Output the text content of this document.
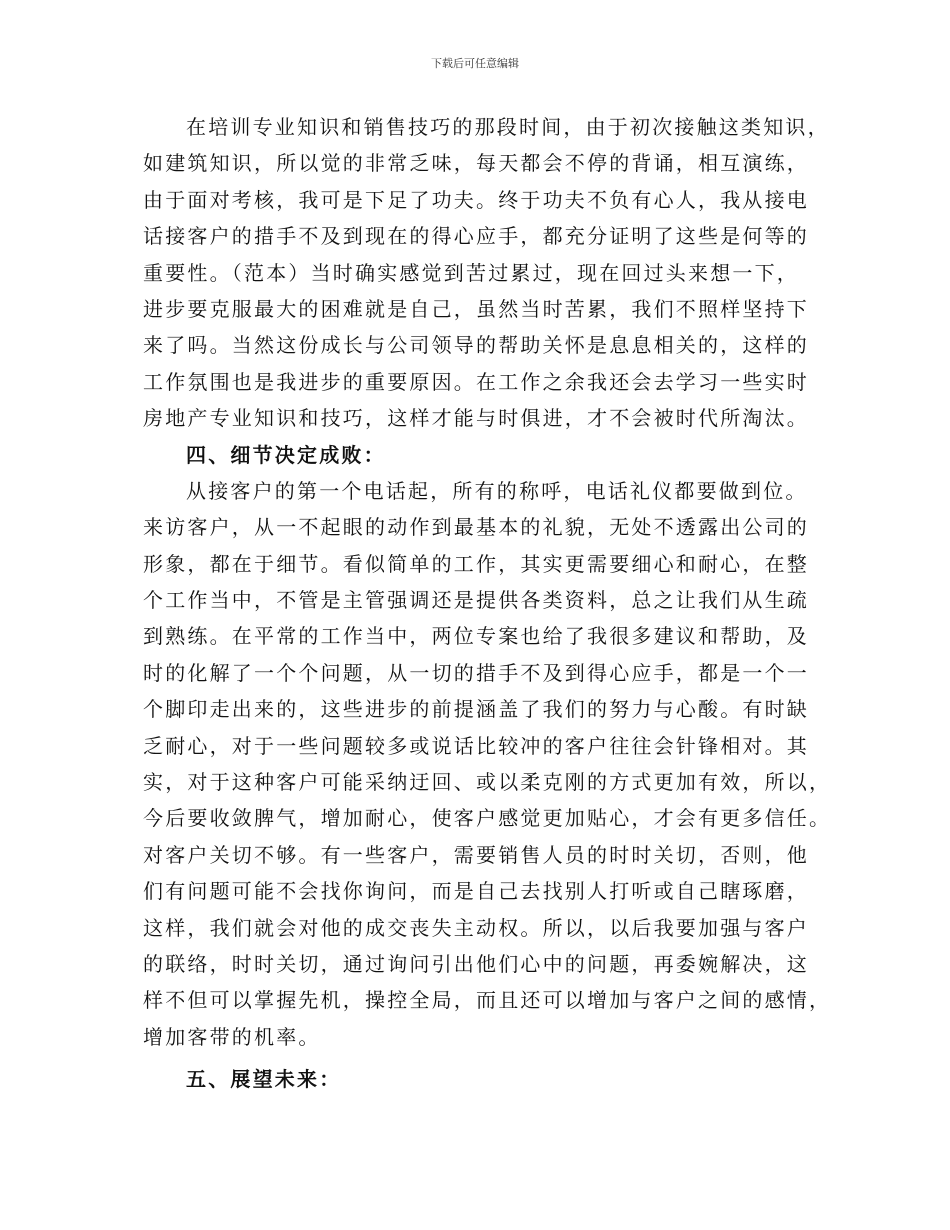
下载后可任意编辑
在培训专业知识和销售技巧的那段时间，由于初次接触这类知识，
如建筑知识，所以觉的非常乏味，每天都会不停的背诵，相互演练，
由于面对考核，我可是下足了功夫。终于功夫不负有心人，我从接电
话接客户的措手不及到现在的得心应手，都充分证明了这些是何等的
重要性。（范本）当时确实感觉到苦过累过，现在回过头来想一下，
进步要克服最大的困难就是自己，虽然当时苦累，我们不照样坚持下
来了吗。当然这份成长与公司领导的帮助关怀是息息相关的，这样的
工作氛围也是我进步的重要原因。在工作之余我还会去学习一些实时
房地产专业知识和技巧，这样才能与时俱进，才不会被时代所淘汰。
四、细节决定成败：
从接客户的第一个电话起，所有的称呼，电话礼仪都要做到位。
来访客户，从一不起眼的动作到最基本的礼貌，无处不透露出公司的
形象，都在于细节。看似简单的工作，其实更需要细心和耐心，在整
个工作当中，不管是主管强调还是提供各类资料，总之让我们从生疏
到熟练。在平常的工作当中，两位专案也给了我很多建议和帮助，及
时的化解了一个个问题，从一切的措手不及到得心应手，都是一个一
个脚印走出来的，这些进步的前提涵盖了我们的努力与心酸。有时缺
乏耐心，对于一些问题较多或说话比较冲的客户往往会针锋相对。其
实，对于这种客户可能采纳迂回、或以柔克刚的方式更加有效，所以，
今后要收敛脾气，增加耐心，使客户感觉更加贴心，才会有更多信任。
对客户关切不够。有一些客户，需要销售人员的时时关切，否则，他
们有问题可能不会找你询问，而是自己去找别人打听或自己瞎琢磨，
这样，我们就会对他的成交丧失主动权。所以，以后我要加强与客户
的联络，时时关切，通过询问引出他们心中的问题，再委婉解决，这
样不但可以掌握先机，操控全局，而且还可以增加与客户之间的感情，
增加客带的机率。
五、展望未来：
